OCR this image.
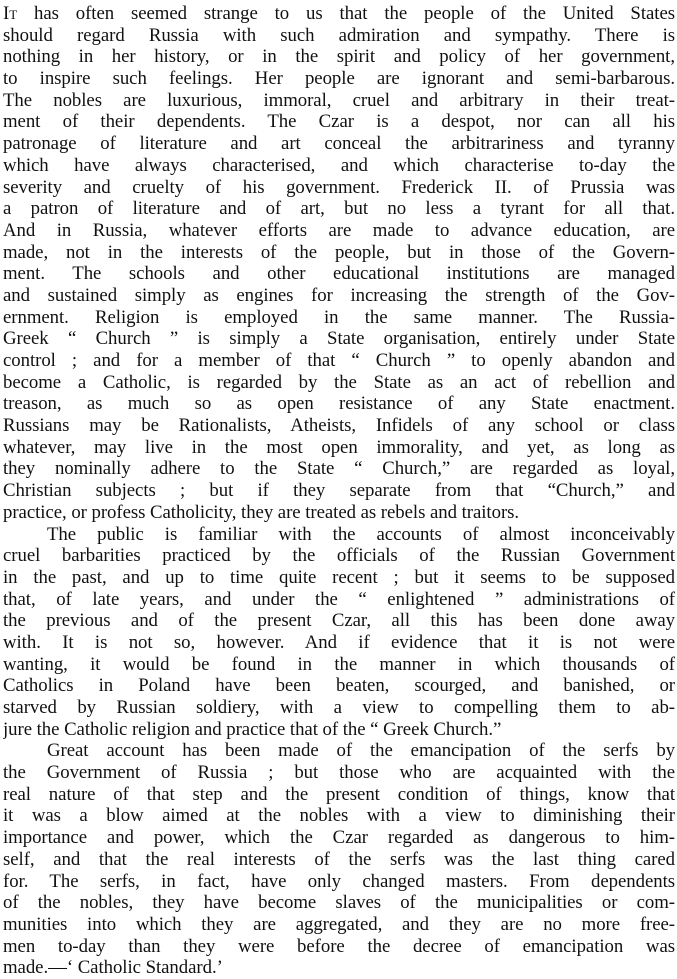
It has often seemed strange to us that the people of the United States
should regard Russia with such admiration and sympathy. There is
nothing in her history, or in the spirit and policy of her government,
to inspire such feelings. Her people are ignorant and semi-barbarous.
The nobles are luxurious, immoral, cruel and arbitrary in their treat-
ment of their dependents. The Czar is a despot, nor can all his
patronage of literature and art conceal the arbitrariness and tyranny
which have always characterised, and which characterise to-day the
severity and cruelty of his government. Frederick II. of Prussia was
a patron of literature and of art, but no less a tyrant for all that.
And in Russia, whatever efforts are made to advance education, are
made, not in the interests of the people, but in those of the Govern-
ment. The schools and other educational institutions are managed
and sustained simply as engines for increasing the strength of the Gov-
ernment. Religion is employed in the same manner. The Russia-
Greek “ Church ” is simply a State organisation, entirely under State
control ; and for a member of that “ Church ” to openly abandon and
become a Catholic, is regarded by the State as an act of rebellion and
treason, as much so as open resistance of any State enactment.
Russians may be Rationalists, Atheists, Infidels of any school or class
whatever, may live in the most open immorality, and yet, as long as
they nominally adhere to the State “ Church,” are regarded as loyal,
Christian subjects ; but if they separate from that “Church,” and
practice, or profess Catholicity, they are treated as rebels and traitors.
The public is familiar with the accounts of almost inconceivably
cruel barbarities practiced by the officials of the Russian Government
in the past, and up to time quite recent ; but it seems to be supposed
that, of late years, and under the “ enlightened ” administrations of
the previous and of the present Czar, all this has been done away
with. It is not so, however. And if evidence that it is not were
wanting, it would be found in the manner in which thousands of
Catholics in Poland have been beaten, scourged, and banished, or
starved by Russian soldiery, with a view to compelling them to ab-
jure the Catholic religion and practice that of the “ Greek Church.”
Great account has been made of the emancipation of the serfs by
the Government of Russia ; but those who are acquainted with the
real nature of that step and the present condition of things, know that
it was a blow aimed at the nobles with a view to diminishing their
importance and power, which the Czar regarded as dangerous to him-
self, and that the real interests of the serfs was the last thing cared
for. The serfs, in fact, have only changed masters. From dependents
of the nobles, they have become slaves of the municipalities or com-
munities into which they are aggregated, and they are no more free-
men to-day than they were before the decree of emancipation was
made.—‘ Catholic Standard.’
